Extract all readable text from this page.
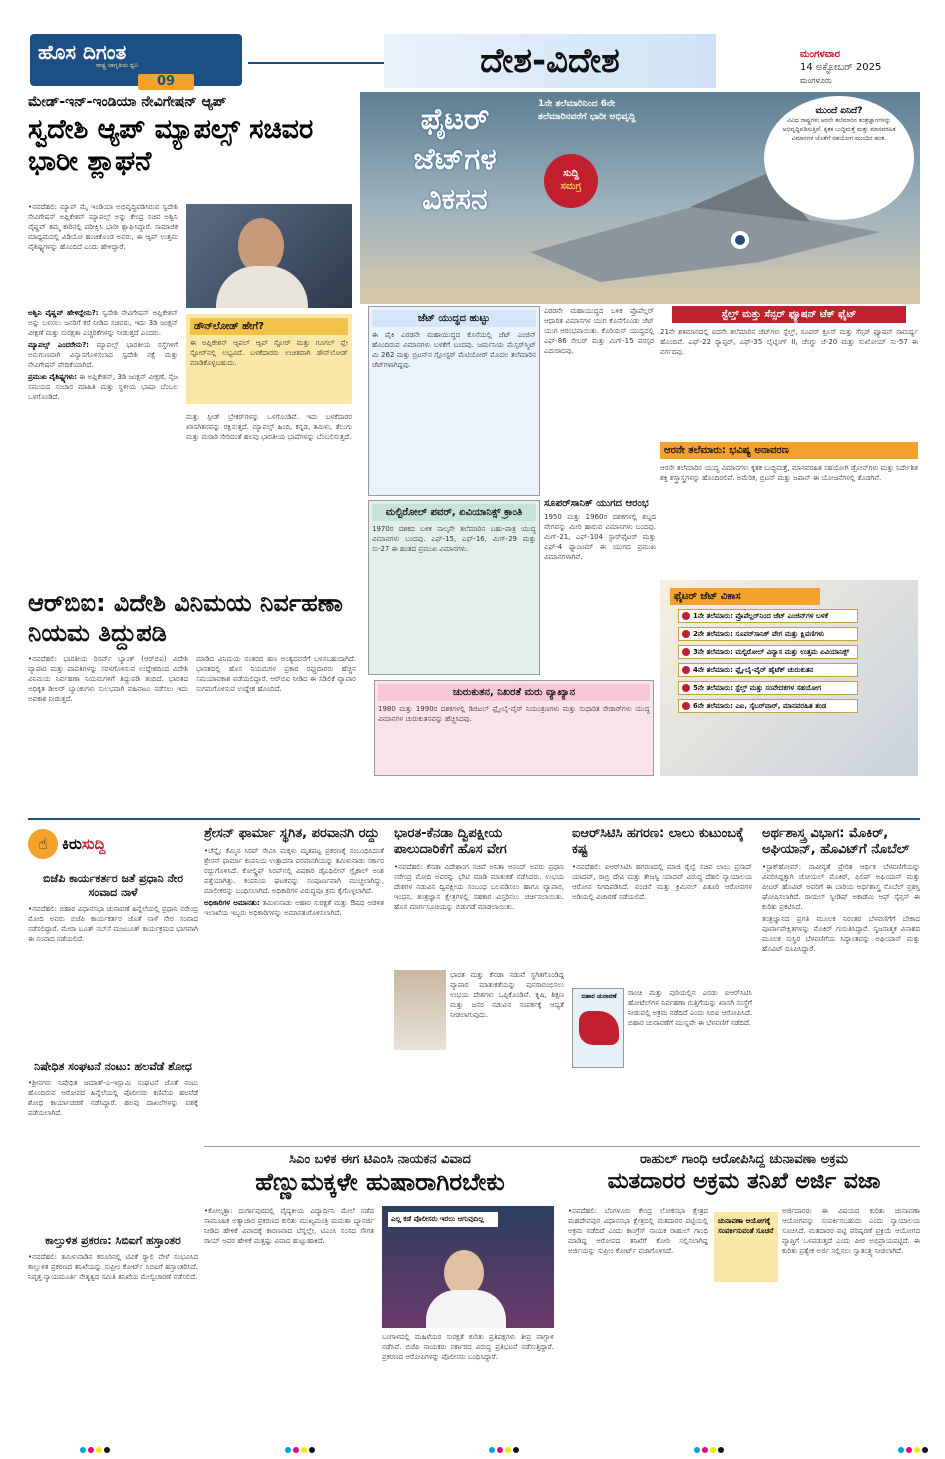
ಹೊಸ ದಿಗಂತ
09
ರಾಷ್ಟ್ರ ಜಾಗೃತಿಯ ಧ್ವನಿ	ದೇಶ-ವಿದೇಶ	ಮಂಗಳವಾರ
14 ಅಕ್ಟೋಬರ್ 2025
ಮಂಗಳೂರು
ಮೇಡ್-ಇನ್-ಇಂಡಿಯಾ ನೇವಿಗೇಷನ್ ಆ್ಯಪ್
ಸ್ವದೇಶಿ ಆ್ಯಪ್ ಮ್ಯಾಪಲ್ಸ್ ಸಚಿವರ ಭಾರೀ ಶ್ಲಾಘನೆ

•ನವದೆಹಲಿ: ಮ್ಯಾಪ್ ಮೈ ಇಂಡಿಯಾ ಅಭಿವೃದ್ಧಿಪಡಿಸಿರುವ ಸ್ವದೇಶಿ ನೇವಿಗೇಷನ್ ಅಪ್ಲಿಕೇಶನ್ ಮ್ಯಾಪಲ್ಸ್ ಅನ್ನು ಕೇಂದ್ರ ಸಚಿವ ಅಶ್ವಿನಿ ವೈಷ್ಣವ್ ತಮ್ಮ ಕಾರಿನಲ್ಲಿ ಪರೀಕ್ಷಿಸಿ ಭಾರೀ ಶ್ಲಾಘಿಸಿದ್ದಾರೆ. ಸಾಮಾಜಿಕ ಮಾಧ್ಯಮದಲ್ಲಿ ವಿಡಿಯೋ ಹಂಚಿಕೊಂಡ ಅವರು, ಈ ಆ್ಯಪ್ ಉತ್ತಮ ವೈಶಿಷ್ಟ್ಯಗಳನ್ನು ಹೊಂದಿದೆ ಎಂದು ಹೇಳಿದ್ದಾರೆ.

ಅಶ್ವಿನಿ ವೈಷ್ಣವ್ ಹೇಳಿದ್ದೇನು?: ಸ್ವದೇಶಿ ನೇವಿಗೇಷನ್ ಅಪ್ಲಿಕೇಶನ್ ಅನ್ನು ಬಳಸಲು ಜನರಿಗೆ ಕರೆ ನೀಡಿದ ಸಚಿವರು, ಇದು 3ಡಿ ಜಂಕ್ಷನ್ ವೀಕ್ಷಣೆ ಮತ್ತು ಸುರಕ್ಷತಾ ಎಚ್ಚರಿಕೆಗಳನ್ನು ನೀಡುತ್ತದೆ ಎಂದರು.

ಮ್ಯಾಪಲ್ಸ್ ಎಂದರೇನು?: ಮ್ಯಾಪಲ್ಸ್ ಭಾರತೀಯ ರಸ್ತೆಗಳಿಗೆ ಅನುಗುಣವಾಗಿ ವಿನ್ಯಾಸಗೊಳಿಸಲಾದ ಸ್ವದೇಶಿ ನಕ್ಷೆ ಮತ್ತು ನೇವಿಗೇಷನ್ ವೇದಿಕೆಯಾಗಿದೆ.

ಪ್ರಮುಖ ವೈಶಿಷ್ಟ್ಯಗಳು: ಈ ಅಪ್ಲಿಕೇಶನ್, 3ಡಿ ಜಂಕ್ಷನ್ ವೀಕ್ಷಣೆ, ನೈಜ ಸಮಯದ ಸಂಚಾರ ಮಾಹಿತಿ ಮತ್ತು ಸ್ಥಳೀಯ ಭಾಷಾ ಬೆಂಬಲ ಒಳಗೊಂಡಿದೆ.

ಡೌನ್‌ಲೋಡ್ ಹೇಗೆ?
ಈ ಅಪ್ಲಿಕೇಶನ್ ಆ್ಯಪಲ್ ಆ್ಯಪ್ ಸ್ಟೋರ್ ಮತ್ತು ಗೂಗಲ್ ಪ್ಲೇ ಸ್ಟೋರ್‌ನಲ್ಲಿ ಲಭ್ಯವಿದೆ. ಬಳಕೆದಾರರು ಉಚಿತವಾಗಿ ಡೌನ್‌ಲೋಡ್ ಮಾಡಿಕೊಳ್ಳಬಹುದು.

ಮತ್ತು ಸ್ಪೀಡ್ ಬ್ರೇಕರ್‌ಗಳನ್ನು ಒಳಗೊಂಡಿವೆ. ಇದು ಬಳಕೆದಾರರ ಖಾಸಗಿತನವನ್ನು ರಕ್ಷಿಸುತ್ತದೆ. ಮ್ಯಾಪಲ್ಸ್ ಹಿಂದಿ, ಕನ್ನಡ, ತಮಿಳು, ತೆಲುಗು ಮತ್ತು ಮರಾಠಿ ಸೇರಿದಂತೆ ಹಲವು ಭಾರತೀಯ ಭಾಷೆಗಳನ್ನು ಬೆಂಬಲಿಸುತ್ತದೆ.

ಫೈಟರ್
ಜೆಟ್‌ಗಳ
ವಿಕಸನ
1ನೇ ತಲೆಮಾರಿನಿಂದ 6ನೇ ತಲೆಮಾರಿನವರೆಗೆ ಭಾರೀ ಅಭಿವೃದ್ಧಿ
ಸುದ್ದಿ
ಸಮಗ್ರ
ಮುಂದೆ ಏನಿದೆ?
ವಿವಿಧ ರಾಷ್ಟ್ರಗಳು ಆರನೇ ತಲೆಮಾರಿನ ತಂತ್ರಜ್ಞಾನಗಳನ್ನು ಅಭಿವೃದ್ಧಿಪಡಿಸುತ್ತಿವೆ. ಕೃತಕ ಬುದ್ಧಿಮತ್ತೆ ಮತ್ತು ಮಾನವರಹಿತ ವಿಮಾನಗಳ ಜೊತೆಗೆ ಸಹಯೋಗ ಮುಂದಿನ ಹಂತ.
ಜೆಟ್ ಯುದ್ಧದ ಹುಟ್ಟು
ಈ ಪೈಕಿ ಎರಡನೇ ಮಹಾಯುದ್ಧದ ಕೊನೆಯಲ್ಲಿ ಜೆಟ್ ಎಂಜಿನ್ ಹೊಂದಿರುವ ವಿಮಾನಗಳು ಬಳಕೆಗೆ ಬಂದವು. ಜರ್ಮನಿಯ ಮೆಸ್ಸರ್‌ಸ್ಮಿಟ್ ಮಿ 262 ಮತ್ತು ಬ್ರಿಟನ್‌ನ ಗ್ಲೋಸ್ಟರ್ ಮೆಟಿಯೋರ್ ಮೊದಲ ತಲೆಮಾರಿನ ಜೆಟ್‌ಗಳಾಗಿದ್ದವು.

ಎರಡನೇ ಮಹಾಯುದ್ಧದ ಬಳಿಕ ಪ್ರೊಪೆಲ್ಲರ್ ಆಧಾರಿತ ವಿಮಾನಗಳ ಯುಗ ಕೊನೆಗೊಂಡು ಜೆಟ್ ಯುಗ ಆರಂಭವಾಯಿತು. ಕೊರಿಯನ್ ಯುದ್ಧದಲ್ಲಿ ಎಫ್-86 ಸೇಬರ್ ಮತ್ತು ಮಿಗ್-15 ಪರಸ್ಪರ ಎದುರಾದವು.

ಮಲ್ಟಿರೋಲ್ ಪವರ್, ಏವಿಯಾನಿಕ್ಸ್ ಕ್ರಾಂತಿ
1970ರ ದಶಕದ ಬಳಿಕ ನಾಲ್ಕನೇ ತಲೆಮಾರಿನ ಬಹು-ಪಾತ್ರ ಯುದ್ಧ ವಿಮಾನಗಳು ಬಂದವು. ಎಫ್-15, ಎಫ್-16, ಮಿಗ್-29 ಮತ್ತು ಸು-27 ಈ ಹಂತದ ಪ್ರಮುಖ ವಿಮಾನಗಳು.
ಸೂಪರ್‌ಸಾನಿಕ್ ಯುಗದ ಆರಂಭ
1950 ಮತ್ತು 1960ರ ದಶಕಗಳಲ್ಲಿ ಶಬ್ದದ ವೇಗವನ್ನು ಮೀರಿ ಹಾರುವ ವಿಮಾನಗಳು ಬಂದವು. ಮಿಗ್-21, ಎಫ್-104 ಸ್ಟಾರ್‌ಫೈಟರ್ ಮತ್ತು ಎಫ್-4 ಫ್ಯಾಂಟಮ್ ಈ ಯುಗದ ಪ್ರಮುಖ ವಿಮಾನಗಳಾಗಿವೆ.
ಚುರುಕುತನ, ನಿಖರತೆ ಮರು ವ್ಯಾಖ್ಯಾನ
1980 ಮತ್ತು 1990ರ ದಶಕಗಳಲ್ಲಿ ಡಿಜಿಟಲ್ ಫ್ಲೈ-ಬೈ-ವೈರ್ ನಿಯಂತ್ರಣಗಳು ಮತ್ತು ಸುಧಾರಿತ ರೇಡಾರ್‌ಗಳು ಯುದ್ಧ ವಿಮಾನಗಳ ಚುರುಕುತನವನ್ನು ಹೆಚ್ಚಿಸಿದವು.
ಸ್ಟೆಲ್ತ್ ಮತ್ತು ಸೆನ್ಸರ್ ಫ್ಯೂಷನ್ ಟೆಕ್ ಫೈಟ್
21ನೇ ಶತಮಾನದಲ್ಲಿ ಐದನೇ ತಲೆಮಾರಿನ ಜೆಟ್‌ಗಳು ಸ್ಟೆಲ್ತ್, ಸೂಪರ್ ಕ್ರೂಸ್ ಮತ್ತು ಸೆನ್ಸರ್ ಫ್ಯೂಷನ್ ಸಾಮರ್ಥ್ಯ ಹೊಂದಿವೆ. ಎಫ್-22 ರ‍್ಯಾಪ್ಟರ್, ಎಫ್-35 ಲೈಟ್ನಿಂಗ್ II, ಚೆಂಗ್ಡು ಜೆ-20 ಮತ್ತು ಸುಖೋಯ್ ಸು-57 ಈ ವರ್ಗದವು.
ಆರನೇ ತಲೆಮಾರು: ಭವಿಷ್ಯ ಅನಾವರಣ
ಆರನೇ ತಲೆಮಾರಿನ ಯುದ್ಧ ವಿಮಾನಗಳು ಕೃತಕ ಬುದ್ಧಿಮತ್ತೆ, ಮಾನವರಹಿತ ಸಹಯೋಗಿ ಡ್ರೋನ್‌ಗಳು ಮತ್ತು ನಿರ್ದೇಶಿತ ಶಕ್ತಿ ಶಸ್ತ್ರಾಸ್ತ್ರಗಳನ್ನು ಹೊಂದಿರಲಿವೆ. ಅಮೆರಿಕ, ಬ್ರಿಟನ್ ಮತ್ತು ಜಪಾನ್ ಈ ಯೋಜನೆಗಳಲ್ಲಿ ತೊಡಗಿವೆ.
ಫೈಟರ್ ಜೆಟ್ ವಿಕಾಸ
1ನೇ ತಲೆಮಾರು: ಪ್ರೊಪೆಲ್ಲರ್‌ನಿಂದ ಜೆಟ್ ಎಂಜಿನ್‌ಗಳ ಬಳಕೆ
2ನೇ ತಲೆಮಾರು: ಸೂಪರ್‌ಸಾನಿಕ್ ವೇಗ ಮತ್ತು ಕ್ಷಿಪಣಿಗಳು
3ನೇ ತಲೆಮಾರು: ಮಲ್ಟಿರೋಲ್ ವಿನ್ಯಾಸ ಮತ್ತು ಉತ್ತಮ ಏವಿಯಾನಿಕ್ಸ್
4ನೇ ತಲೆಮಾರು: ಫ್ಲೈ-ಬೈ-ವೈರ್ ಹೈಟೆಕ್ ಚುರುಕುತನ
5ನೇ ತಲೆಮಾರು: ಸ್ಟೆಲ್ತ್ ಮತ್ತು ಸಂವೇದಕಗಳ ಸಹಯೋಗ
6ನೇ ತಲೆಮಾರು: ಎಐ, ಸೈಬರ್‌ವಾರ್, ಮಾನವರಹಿತ ತಂಡ
ಆರ್‌ಬಿಐ: ವಿದೇಶಿ ವಿನಿಮಯ ನಿರ್ವಹಣಾ ನಿಯಮ ತಿದ್ದುಪಡಿ

•ನವದೆಹಲಿ: ಭಾರತೀಯ ರಿಸರ್ವ್ ಬ್ಯಾಂಕ್ (ಆರ್‌ಬಿಐ) ವಿದೇಶಿ ವ್ಯಾಪಾರ ಮತ್ತು ಪಾವತಿಗಳನ್ನು ಸರಳಗೊಳಿಸುವ ಉದ್ದೇಶದಿಂದ ವಿದೇಶಿ ವಿನಿಮಯ ನಿರ್ವಹಣಾ ನಿಯಮಗಳಿಗೆ ತಿದ್ದುಪಡಿ ತಂದಿದೆ. ಭಾರತದ ಅಧಿಕೃತ ಡೀಲರ್ ಬ್ಯಾಂಕುಗಳು ಸುಲಭವಾಗಿ ವಹಿವಾಟು ನಡೆಸಲು ಇದು ಅವಕಾಶ ನೀಡುತ್ತದೆ.

ಮಾಡಿದ ವಿನಿಮಯ ನಂತರದ ಹಣ ಅಂತ್ಯದವರೆಗೆ ಬಳಸಬಹುದಾಗಿದೆ. ಭಾರತದಲ್ಲಿ ಹೊಸ ನಿಯಮಗಳ ಪ್ರಕಾರ ರಫ್ತುದಾರರು ಹೆಚ್ಚಿನ ಸಮಯಾವಕಾಶ ಪಡೆಯಲಿದ್ದಾರೆ. ಆರ್‌ಬಿಐ ನೀಡಿದ ಈ ಸಡಿಲಿಕೆ ವ್ಯಾಪಾರ ಸುಗಮಗೊಳಿಸುವ ಉದ್ದೇಶ ಹೊಂದಿದೆ.

☝ ಕಿರು ಸುದ್ದಿ
ಬಿಜೆಪಿ ಕಾರ್ಯಕರ್ತರ ಜತೆ ಪ್ರಧಾನಿ ನೇರ ಸಂವಾದ ನಾಳೆ
•ನವದೆಹಲಿ: ಬಿಹಾರ ವಿಧಾನಸಭಾ ಚುನಾವಣೆ ಹಿನ್ನೆಲೆಯಲ್ಲಿ ಪ್ರಧಾನಿ ನರೇಂದ್ರ ಮೋದಿ ಅವರು ಬಿಜೆಪಿ ಕಾರ್ಯಕರ್ತರ ಜೊತೆ ನಾಳೆ ನೇರ ಸಂವಾದ ನಡೆಸಲಿದ್ದಾರೆ. ಮೇರಾ ಬೂತ್ ಸಬ್‌ಸೆ ಮಜಬೂತ್ ಕಾರ್ಯಕ್ರಮದ ಭಾಗವಾಗಿ ಈ ಸಂವಾದ ನಡೆಯಲಿದೆ.
ನಿಷೇಧಿತ ಸಂಘಟನೆ ನಂಟು: ಹಲವೆಡೆ ಶೋಧ
•ಶ್ರೀನಗರ: ನಿಷೇಧಿತ ಜಮಾತ್-ಎ-ಇಸ್ಲಾಮಿ ಸಂಘಟನೆ ಜೊತೆ ನಂಟು ಹೊಂದಿರುವ ಆರೋಪದ ಹಿನ್ನೆಲೆಯಲ್ಲಿ ಪೊಲೀಸರು ಕಣಿವೆಯ ಹಲವೆಡೆ ಶೋಧ ಕಾರ್ಯಾಚರಣೆ ನಡೆಸಿದ್ದಾರೆ. ಹಲವು ದಾಖಲೆಗಳನ್ನು ವಶಕ್ಕೆ ಪಡೆಯಲಾಗಿದೆ.
ಕಾಲ್ತುಳಿತ ಪ್ರಕರಣ: ಸಿಬಿಐಗೆ ಹಸ್ತಾಂತರ
•ನವದೆಹಲಿ: ತಮಿಳುನಾಡಿನ ಕರೂರಿನಲ್ಲಿ ಟಿವಿಕೆ ರ‍್ಯಾಲಿ ವೇಳೆ ಸಂಭವಿಸಿದ ಕಾಲ್ತುಳಿತ ಪ್ರಕರಣದ ತನಿಖೆಯನ್ನು ಸುಪ್ರೀಂ ಕೋರ್ಟ್ ಸಿಬಿಐಗೆ ಹಸ್ತಾಂತರಿಸಿದೆ. ನಿವೃತ್ತ ನ್ಯಾಯಮೂರ್ತಿ ನೇತೃತ್ವದ ಸಮಿತಿ ತನಿಖೆಯ ಮೇಲ್ವಿಚಾರಣೆ ನಡೆಸಲಿದೆ.
ಶ್ರೇಸನ್ ಫಾರ್ಮಾ ಸ್ಥಗಿತ, ಪರವಾನಗಿ ರದ್ದು

•ಚೆನ್ನೈ: ಕೆಮ್ಮಿನ ಸಿರಪ್ ಸೇವಿಸಿ ಮಕ್ಕಳು ಮೃತಪಟ್ಟ ಪ್ರಕರಣಕ್ಕೆ ಸಂಬಂಧಿಸಿದಂತೆ ಶ್ರೇಸನ್ ಫಾರ್ಮಾ ಕಂಪನಿಯ ಉತ್ಪಾದನಾ ಪರವಾನಗಿಯನ್ನು ತಮಿಳುನಾಡು ಸರ್ಕಾರ ರದ್ದುಗೊಳಿಸಿದೆ. ಕೋಲ್ಡ್ರಿಫ್ ಸಿರಪ್‌ನಲ್ಲಿ ವಿಷಕಾರಿ ಡೈಎಥಿಲೀನ್ ಗ್ಲೈಕಾಲ್ ಅಂಶ ಪತ್ತೆಯಾಗಿತ್ತು. ಕಂಪನಿಯ ಘಟಕವನ್ನು ಸಂಪೂರ್ಣವಾಗಿ ಮುಚ್ಚಲಾಗಿದ್ದು, ಮಾಲೀಕರನ್ನು ಬಂಧಿಸಲಾಗಿದೆ. ಅಧಿಕಾರಿಗಳ ವಿರುದ್ಧವೂ ಕ್ರಮ ಕೈಗೊಳ್ಳಲಾಗಿದೆ.

ಅಧಿಕಾರಿಗಳ ಅಮಾನತು: ತಮಿಳುನಾಡು ಆಹಾರ ಸುರಕ್ಷತೆ ಮತ್ತು ಔಷಧ ಆಡಳಿತ ಇಲಾಖೆಯ ಇಬ್ಬರು ಅಧಿಕಾರಿಗಳನ್ನು ಅಮಾನತುಗೊಳಿಸಲಾಗಿದೆ.

ಭಾರತ-ಕೆನಡಾ ದ್ವಿಪಕ್ಷೀಯ ಪಾಲುದಾರಿಕೆಗೆ ಹೊಸ ವೇಗ
•ನವದೆಹಲಿ: ಕೆನಡಾ ವಿದೇಶಾಂಗ ಸಚಿವೆ ಅನಿತಾ ಆನಂದ್ ಅವರು ಪ್ರಧಾನಿ ನರೇಂದ್ರ ಮೋದಿ ಅವರನ್ನು ಭೇಟಿ ಮಾಡಿ ಮಾತುಕತೆ ನಡೆಸಿದರು. ಉಭಯ ದೇಶಗಳ ನಡುವಿನ ದ್ವಿಪಕ್ಷೀಯ ಸಂಬಂಧ ಬಲಪಡಿಸಲು ಹಾಗೂ ವ್ಯಾಪಾರ, ಇಂಧನ, ತಂತ್ರಜ್ಞಾನ ಕ್ಷೇತ್ರಗಳಲ್ಲಿ ಸಹಕಾರ ವಿಸ್ತರಿಸಲು ಚರ್ಚಿಸಲಾಯಿತು. ಹೊಸ ಮಾರ್ಗಸೂಚಿಯನ್ನು ಬಿಡುಗಡೆ ಮಾಡಲಾಯಿತು.
ಭಾರತ ಮತ್ತು ಕೆನಡಾ ನಡುವೆ ಸ್ಥಗಿತಗೊಂಡಿದ್ದ ವ್ಯಾಪಾರ ಮಾತುಕತೆಯನ್ನು ಪುನರಾರಂಭಿಸಲು ಉಭಯ ದೇಶಗಳು ಒಪ್ಪಿಕೊಂಡಿವೆ. ಕೃಷಿ, ಶಿಕ್ಷಣ ಮತ್ತು ಜನರ ನಡುವಿನ ಸಂಪರ್ಕಕ್ಕೆ ಆದ್ಯತೆ ನೀಡಲಾಗುವುದು.
ಐಆರ್‌ಸಿಟಿಸಿ ಹಗರಣ: ಲಾಲು ಕುಟುಂಬಕ್ಕೆ ಕಷ್ಟ
•ನವದೆಹಲಿ: ಐಆರ್‌ಸಿಟಿಸಿ ಹಗರಣದಲ್ಲಿ ಮಾಜಿ ರೈಲ್ವೆ ಸಚಿವ ಲಾಲು ಪ್ರಸಾದ್ ಯಾದವ್, ರಾಬ್ರಿ ದೇವಿ ಮತ್ತು ತೇಜಸ್ವಿ ಯಾದವ್ ವಿರುದ್ಧ ದೆಹಲಿ ನ್ಯಾಯಾಲಯ ಆರೋಪ ನಿಗದಿಪಡಿಸಿದೆ. ವಂಚನೆ ಮತ್ತು ಕ್ರಿಮಿನಲ್ ಪಿತೂರಿ ಆರೋಪಗಳ ಅಡಿಯಲ್ಲಿ ವಿಚಾರಣೆ ನಡೆಯಲಿದೆ.
ಬಿಹಾರ ಚುನಾವಣೆ	ರಾಂಚಿ ಮತ್ತು ಪುರಿಯಲ್ಲಿನ ಎರಡು ಐಆರ್‌ಸಿಟಿಸಿ ಹೋಟೆಲ್‌ಗಳ ನಿರ್ವಹಣಾ ಗುತ್ತಿಗೆಯನ್ನು ಖಾಸಗಿ ಸಂಸ್ಥೆಗೆ ನೀಡುವಲ್ಲಿ ಅಕ್ರಮ ನಡೆದಿದೆ ಎಂದು ಸಿಬಿಐ ಆರೋಪಿಸಿದೆ. ಬಿಹಾರ ಚುನಾವಣೆಗೆ ಮುನ್ನವೇ ಈ ಬೆಳವಣಿಗೆ ನಡೆದಿದೆ.
ಅರ್ಥಶಾಸ್ತ್ರ ವಿಭಾಗ: ಮೊಕಿರ್, ಅಘಿಯಾನ್, ಹೊವಿಟ್‌ಗೆ ನೊಬೆಲ್

•ಸ್ಟಾಕ್‌ಹೋಮ್: ನಾವೀನ್ಯತೆ ಪ್ರೇರಿತ ಆರ್ಥಿಕ ಬೆಳವಣಿಗೆಯನ್ನು ವಿವರಿಸಿದ್ದಕ್ಕಾಗಿ ಜೋಯಲ್ ಮೊಕಿರ್, ಫಿಲಿಪ್ ಅಘಿಯಾನ್ ಮತ್ತು ಪೀಟರ್ ಹೊವಿಟ್ ಅವರಿಗೆ ಈ ಬಾರಿಯ ಅರ್ಥಶಾಸ್ತ್ರ ನೊಬೆಲ್ ಪ್ರಶಸ್ತಿ ಘೋಷಿಸಲಾಗಿದೆ. ರಾಯಲ್ ಸ್ವೀಡಿಷ್ ಅಕಾಡೆಮಿ ಆಫ್ ಸೈನ್ಸಸ್ ಈ ಕುರಿತು ಪ್ರಕಟಿಸಿದೆ.

ತಂತ್ರಜ್ಞಾನದ ಪ್ರಗತಿ ಮೂಲಕ ನಿರಂತರ ಬೆಳವಣಿಗೆಗೆ ಬೇಕಾದ ಪೂರ್ವಾಪೇಕ್ಷಿತಗಳನ್ನು ಮೊಕಿರ್ ಗುರುತಿಸಿದ್ದಾರೆ. ಸೃಜನಾತ್ಮಕ ವಿನಾಶದ ಮೂಲಕ ಸುಸ್ಥಿರ ಬೆಳವಣಿಗೆಯ ಸಿದ್ಧಾಂತವನ್ನು ಅಘಿಯಾನ್ ಮತ್ತು ಹೊವಿಟ್ ರೂಪಿಸಿದ್ದಾರೆ.

ಸಿಎಂ ಬಳಿಕ ಈಗ ಟಿಎಂಸಿ ನಾಯಕನ ವಿವಾದ
ಹೆಣ್ಣುಮಕ್ಕಳೇ ಹುಷಾರಾಗಿರಬೇಕು
•ಕೋಲ್ಕತ್ತಾ: ದುರ್ಗಾಪುರದಲ್ಲಿ ವೈದ್ಯಕೀಯ ವಿದ್ಯಾರ್ಥಿನಿ ಮೇಲೆ ನಡೆದ ಸಾಮೂಹಿಕ ಅತ್ಯಾಚಾರ ಪ್ರಕರಣದ ಕುರಿತು ಮುಖ್ಯಮಂತ್ರಿ ಮಮತಾ ಬ್ಯಾನರ್ಜಿ ನೀಡಿದ ಹೇಳಿಕೆ ವಿವಾದಕ್ಕೆ ಕಾರಣವಾದ ಬೆನ್ನಲ್ಲೇ, ಟಿಎಂಸಿ ಸಂಸದ ಸೌಗತ ರಾಯ್ ಅವರ ಹೇಳಿಕೆ ಮತ್ತಷ್ಟು ವಿವಾದ ಹುಟ್ಟುಹಾಕಿದೆ.
ಎಲ್ಲ ಕಡೆ ಪೊಲೀಸರು ಇರಲು ಆಗುವುದಿಲ್ಲ
ಬಂಗಾಳದಲ್ಲಿ ಮಹಿಳೆಯರ ಸುರಕ್ಷತೆ ಕುರಿತು ಪ್ರತಿಪಕ್ಷಗಳು ತೀವ್ರ ವಾಗ್ದಾಳಿ ನಡೆಸಿವೆ. ಬಿಜೆಪಿ ನಾಯಕರು ಸರ್ಕಾರದ ವಿರುದ್ಧ ಪ್ರತಿಭಟನೆ ನಡೆಸುತ್ತಿದ್ದಾರೆ. ಪ್ರಕರಣದ ಆರೋಪಿಗಳನ್ನು ಪೊಲೀಸರು ಬಂಧಿಸಿದ್ದಾರೆ.
ರಾಹುಲ್ ಗಾಂಧಿ ಆರೋಪಿಸಿದ್ದ ಚುನಾವಣಾ ಅಕ್ರಮ
ಮತದಾರರ ಅಕ್ರಮ ತನಿಖೆ ಅರ್ಜಿ ವಜಾ
•ನವದೆಹಲಿ: ಬೆಂಗಳೂರು ಕೇಂದ್ರ ಲೋಕಸಭಾ ಕ್ಷೇತ್ರದ ಮಹದೇವಪುರ ವಿಧಾನಸಭಾ ಕ್ಷೇತ್ರದಲ್ಲಿ ಮತದಾರರ ಪಟ್ಟಿಯಲ್ಲಿ ಅಕ್ರಮ ನಡೆದಿದೆ ಎಂದು ಕಾಂಗ್ರೆಸ್ ನಾಯಕ ರಾಹುಲ್ ಗಾಂಧಿ ಮಾಡಿದ್ದ ಆರೋಪದ ತನಿಖೆಗೆ ಕೋರಿ ಸಲ್ಲಿಸಲಾಗಿದ್ದ ಅರ್ಜಿಯನ್ನು ಸುಪ್ರೀಂ ಕೋರ್ಟ್ ವಜಾಗೊಳಿಸಿದೆ.
ಚುನಾವಣಾ ಆಯೋಗಕ್ಕೆ ಸಂಪರ್ಕಿಸುವಂತೆ ಸೂಚನೆ
ಅರ್ಜಿದಾರರು ಈ ವಿಷಯದ ಕುರಿತು ಚುನಾವಣಾ ಆಯೋಗವನ್ನು ಸಂಪರ್ಕಿಸಬಹುದು ಎಂದು ನ್ಯಾಯಾಲಯ ಸೂಚಿಸಿದೆ. ಮತದಾರರ ಪಟ್ಟಿ ಪರಿಷ್ಕರಣೆ ಪ್ರಕ್ರಿಯೆ ಆಯೋಗದ ವ್ಯಾಪ್ತಿಗೆ ಒಳಪಡುತ್ತದೆ ಎಂದು ಪೀಠ ಅಭಿಪ್ರಾಯಪಟ್ಟಿದೆ. ಈ ಕುರಿತು ಪ್ರತ್ಯೇಕ ಅರ್ಜಿ ಸಲ್ಲಿಸಲು ಸ್ವಾತಂತ್ರ್ಯ ನೀಡಲಾಗಿದೆ.
